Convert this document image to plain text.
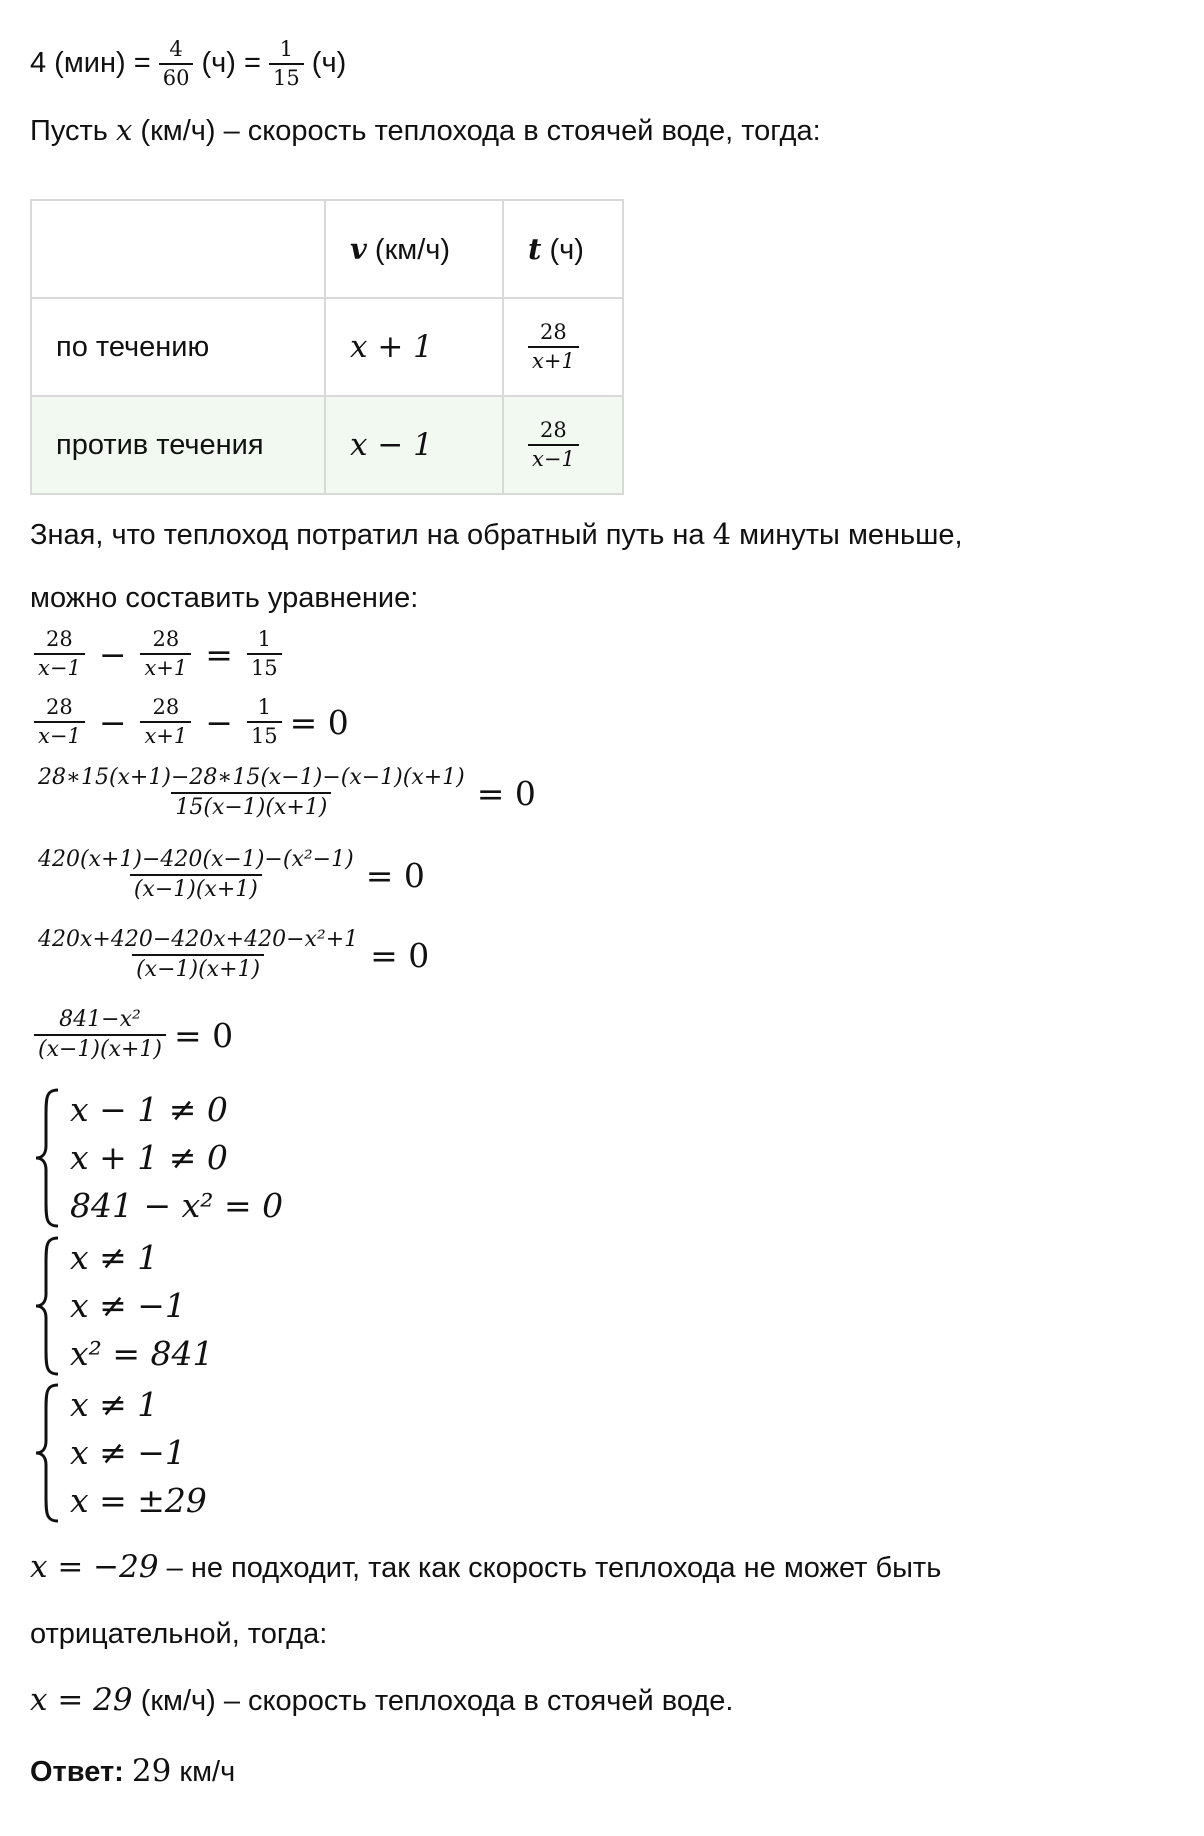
4 $(мин) = \frac{4}{60} (ч) = \frac{1}{15} (ч)$
Пусть x (км/ч) – скорость теплохода в стоячей воде, тогда:
	v (км/ч)	t (ч)
по течению	x + 1	$\frac{28}{x+1}$

против течения	x − 1	$\frac{28}{x-1}$
Зная, что теплоход потратил на обратный путь на 4 минуты меньше,
можно составить уравнение:
$\frac{28}{x-1} - \frac{28}{x+1} = \frac{1}{15}$
$\frac{28}{x-1} - \frac{28}{x+1} - \frac{1}{15} = 0$
$\frac{28∗15(x+1)-28∗15(x-1)-(x-1)(x+1)}{15(x-1)(x+1)} = 0$
$\frac{\text{420(x+1)−420(x−1)−(x²−1)}}{(x-1)(x+1)} = 0$
$\frac{\text{420x+420−420x+420−x²+1}}{(x-1)(x+1)} = 0$
$\frac{\text{841−x²}}{(x-1)(x+1)} = 0$
x − 1 ≠ 0
x + 1 ≠ 0
841 − x² = 0
x ≠ 1
x ≠ −1
x² = 841
x ≠ 1
x ≠ −1
x = ±29
x = −29 – не подходит, так как скорость теплохода не может быть
отрицательной, тогда:
x = 29 (км/ч) – скорость теплохода в стоячей воде.
Ответ: 29 км/ч
